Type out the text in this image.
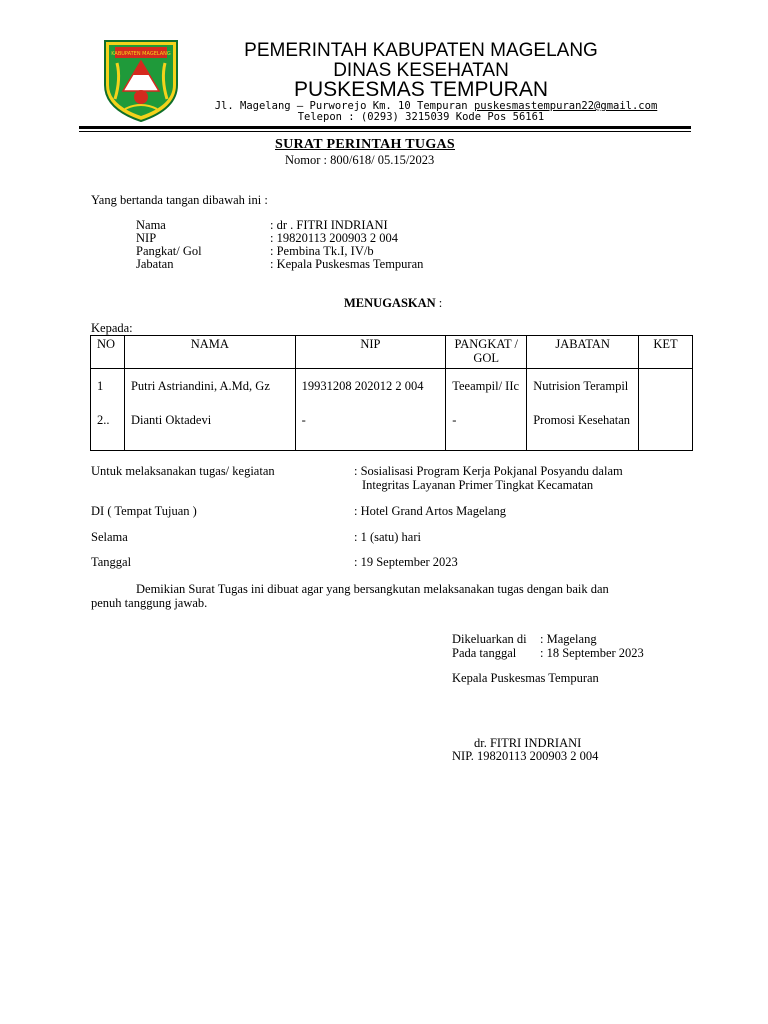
KABUPATEN MAGELANG	PEMERINTAH KABUPATEN MAGELANG
DINAS KESEHATAN
PUSKESMAS TEMPURAN
Jl. Magelang – Purworejo Km. 10 Tempuran puskesmastempuran22@gmail.com
Telepon : (0293) 3215039 Kode Pos 56161
SURAT PERINTAH TUGAS
Nomor : 800/618/ 05.15/2023
Yang bertanda tangan dibawah ini :
Nama	: dr . FITRI INDRIANI
NIP	: 19820113 200903 2 004
Pangkat/ Gol	: Pembina Tk.I, IV/b
Jabatan	: Kepala Puskesmas Tempuran
MENUGASKAN :
Kepada:
NO	NAMA	NIP	PANGKAT / GOL	JABATAN	KET
1	Putri Astriandini, A.Md, Gz	19931208 202012 2 004	Teeampil/ IIc	Nutrision Terampil	
2..	Dianti Oktadevi	-	-	Promosi Kesehatan	
Untuk melaksanakan tugas/ kegiatan	: Sosialisasi Program Kerja Pokjanal Posyandu dalam
Integritas Layanan Primer Tingkat Kecamatan
DI ( Tempat Tujuan )	: Hotel Grand Artos Magelang
Selama	: 1 (satu) hari
Tanggal	: 19 September 2023
Demikian Surat Tugas ini dibuat agar yang bersangkutan melaksanakan tugas dengan baik dan
penuh tanggung jawab.
Dikeluarkan di : Magelang
Pada tanggal : 18 September 2023
Kepala Puskesmas Tempuran
dr. FITRI INDRIANI
NIP. 19820113 200903 2 004
